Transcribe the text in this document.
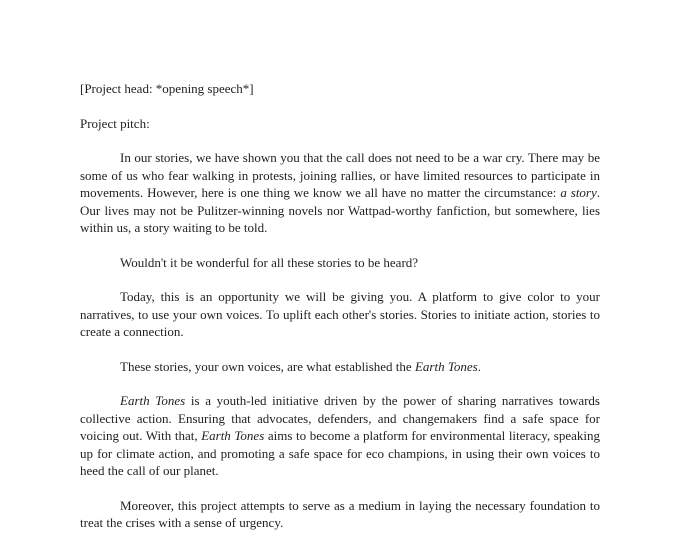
[Project head: *opening speech*]

Project pitch:

In our stories, we have shown you that the call does not need to be a war cry. There may be some of us who fear walking in protests, joining rallies, or have limited resources to participate in movements. However, here is one thing we know we all have no matter the circumstance: a story. Our lives may not be Pulitzer-winning novels nor Wattpad-worthy fanfiction, but somewhere, lies within us, a story waiting to be told.

Wouldn't it be wonderful for all these stories to be heard?

Today, this is an opportunity we will be giving you. A platform to give color to your narratives, to use your own voices. To uplift each other's stories. Stories to initiate action, stories to create a connection.

These stories, your own voices, are what established the Earth Tones.

Earth Tones is a youth-led initiative driven by the power of sharing narratives towards collective action. Ensuring that advocates, defenders, and changemakers find a safe space for voicing out. With that, Earth Tones aims to become a platform for environmental literacy, speaking up for climate action, and promoting a safe space for eco champions, in using their own voices to heed the call of our planet.

Moreover, this project attempts to serve as a medium in laying the necessary foundation to treat the crises with a sense of urgency.
